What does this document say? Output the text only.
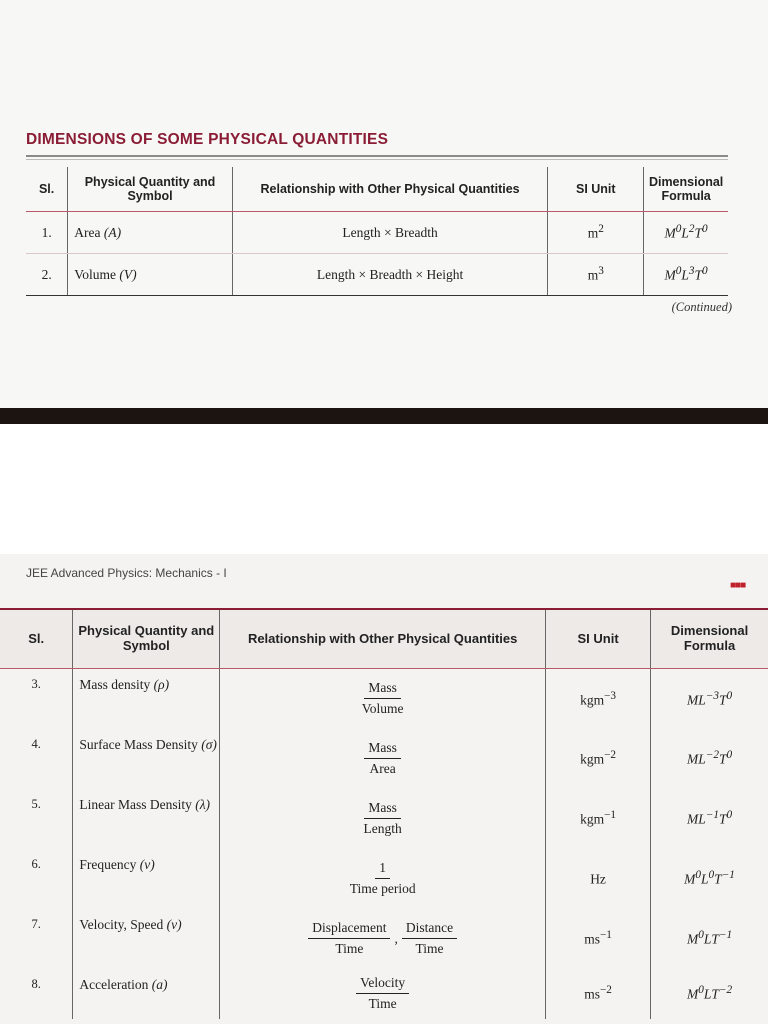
DIMENSIONS OF SOME PHYSICAL QUANTITIES
Sl.	Physical Quantity and Symbol	Relationship with Other Physical Quantities	SI Unit	Dimensional Formula
1.	Area (A)	Length × Breadth	$m^2$	$M^0L^2T^0$
2.	Volume (V)	Length × Breadth × Height	$m^3$	$M^0L^3T^0$
(Continued)
JEE Advanced Physics: Mechanics - I
■■■
Sl.	Physical Quantity and Symbol	Relationship with Other Physical Quantities	SI Unit	Dimensional Formula
3.	Mass density (ρ)	$\frac{\text{Mass}}{\text{Volume}}$	kgm$^{-3}$	$ML^{-3}T^0$
4.	Surface Mass Density (σ)	$\frac{\text{Mass}}{\text{Area}}$	kgm$^{-2}$	$ML^{-2}T^0$
5.	Linear Mass Density (λ)	$\frac{\text{Mass}}{\text{Length}}$	kgm$^{-1}$	$ML^{-1}T^0$
6.	Frequency (ν)	$\frac{1}{\text{Time period}}$	Hz	$M^0L^0T^{-1}$
7.	Velocity, Speed (v)	$\frac{\text{Displacement}}{\text{Time}}$ , $\frac{\text{Distance}}{\text{Time}}$	$ms^{-1}$	$M^0LT^{-1}$
8.	Acceleration (a)	$\frac{\text{Velocity}}{\text{Time}}$	$ms^{-2}$	$M^0LT^{-2}$
